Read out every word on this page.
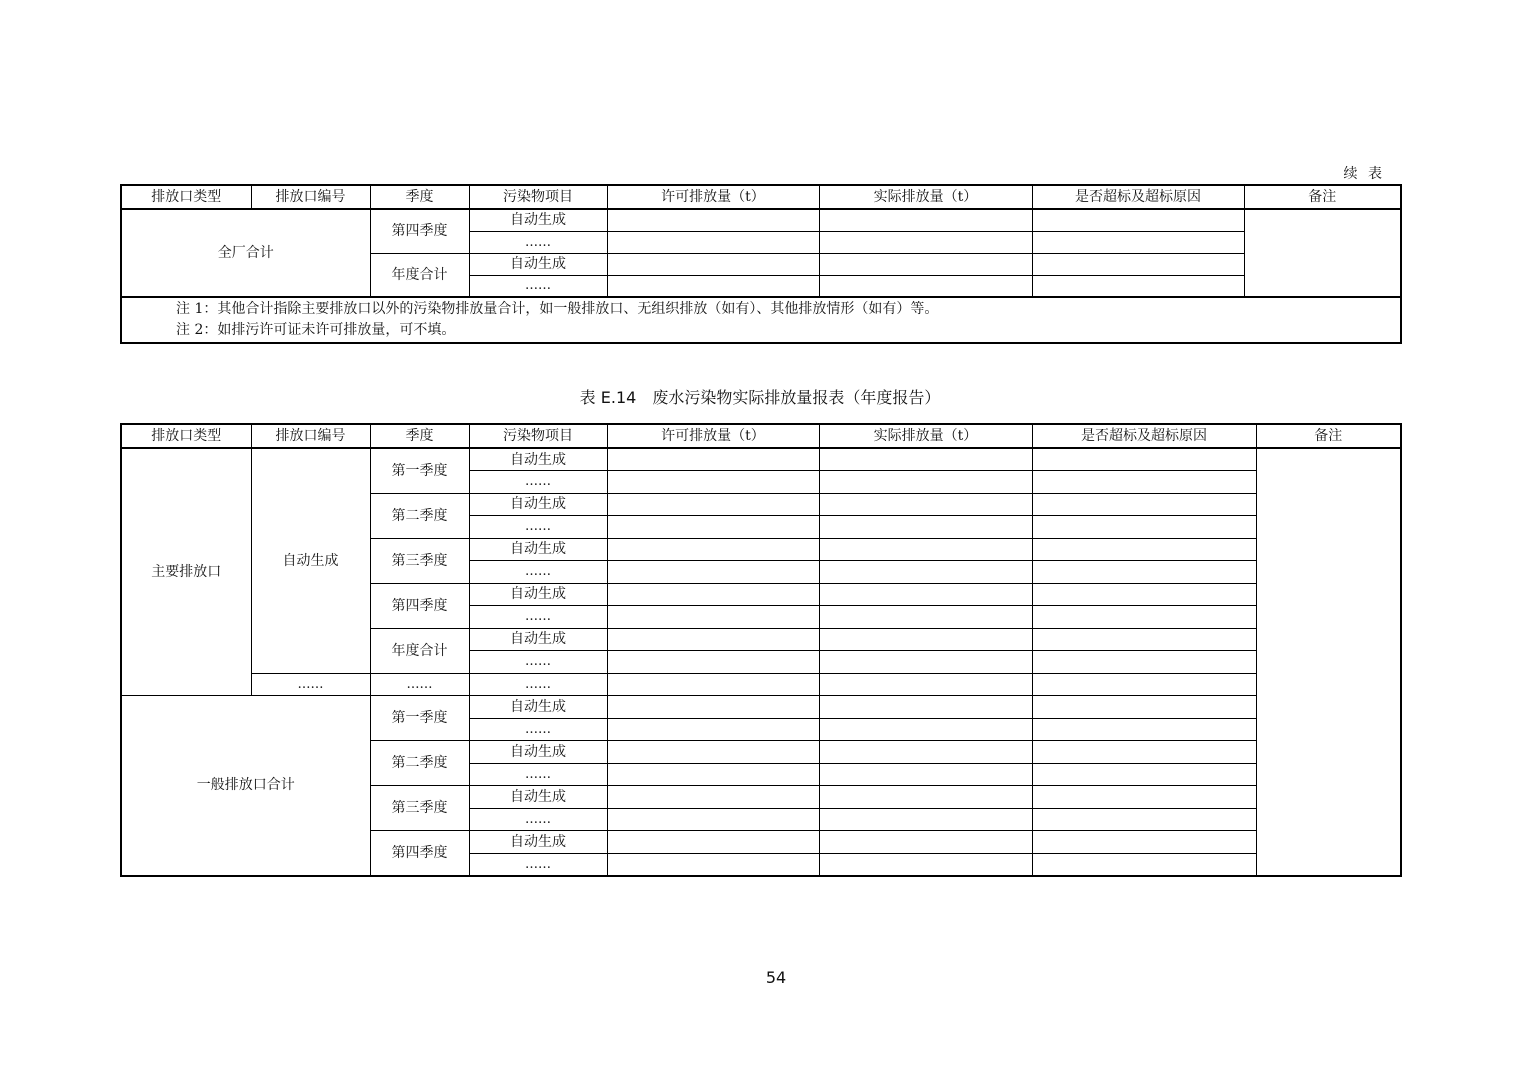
续 表
排放口类型	排放口编号	季度	污染物项目	许可排放量（t）	实际排放量（t）	是否超标及超标原因	备注
全厂合计		第四季度	自动生成				
			……				
		年度合计	自动生成				
			……				

注 1：其他合计指除主要排放口以外的污染物排放量合计，如一般排放口、无组织排放（如有）、其他排放情形（如有）等。
注 2：如排污许可证未许可排放量，可不填。							
表 E.14　废水污染物实际排放量报表（年度报告）
排放口类型	排放口编号	季度	污染物项目	许可排放量（t）	实际排放量（t）	是否超标及超标原因	备注
主要排放口	自动生成	第一季度	自动生成				
			……				
		第二季度	自动生成				
			……				
		第三季度	自动生成				
			……				
		第四季度	自动生成				
			……				
		年度合计	自动生成				
			……				
	……	……	……				
一般排放口合计		第一季度	自动生成				
			……				
		第二季度	自动生成				
			……				
		第三季度	自动生成				
			……				
		第四季度	自动生成				
			……				
54
